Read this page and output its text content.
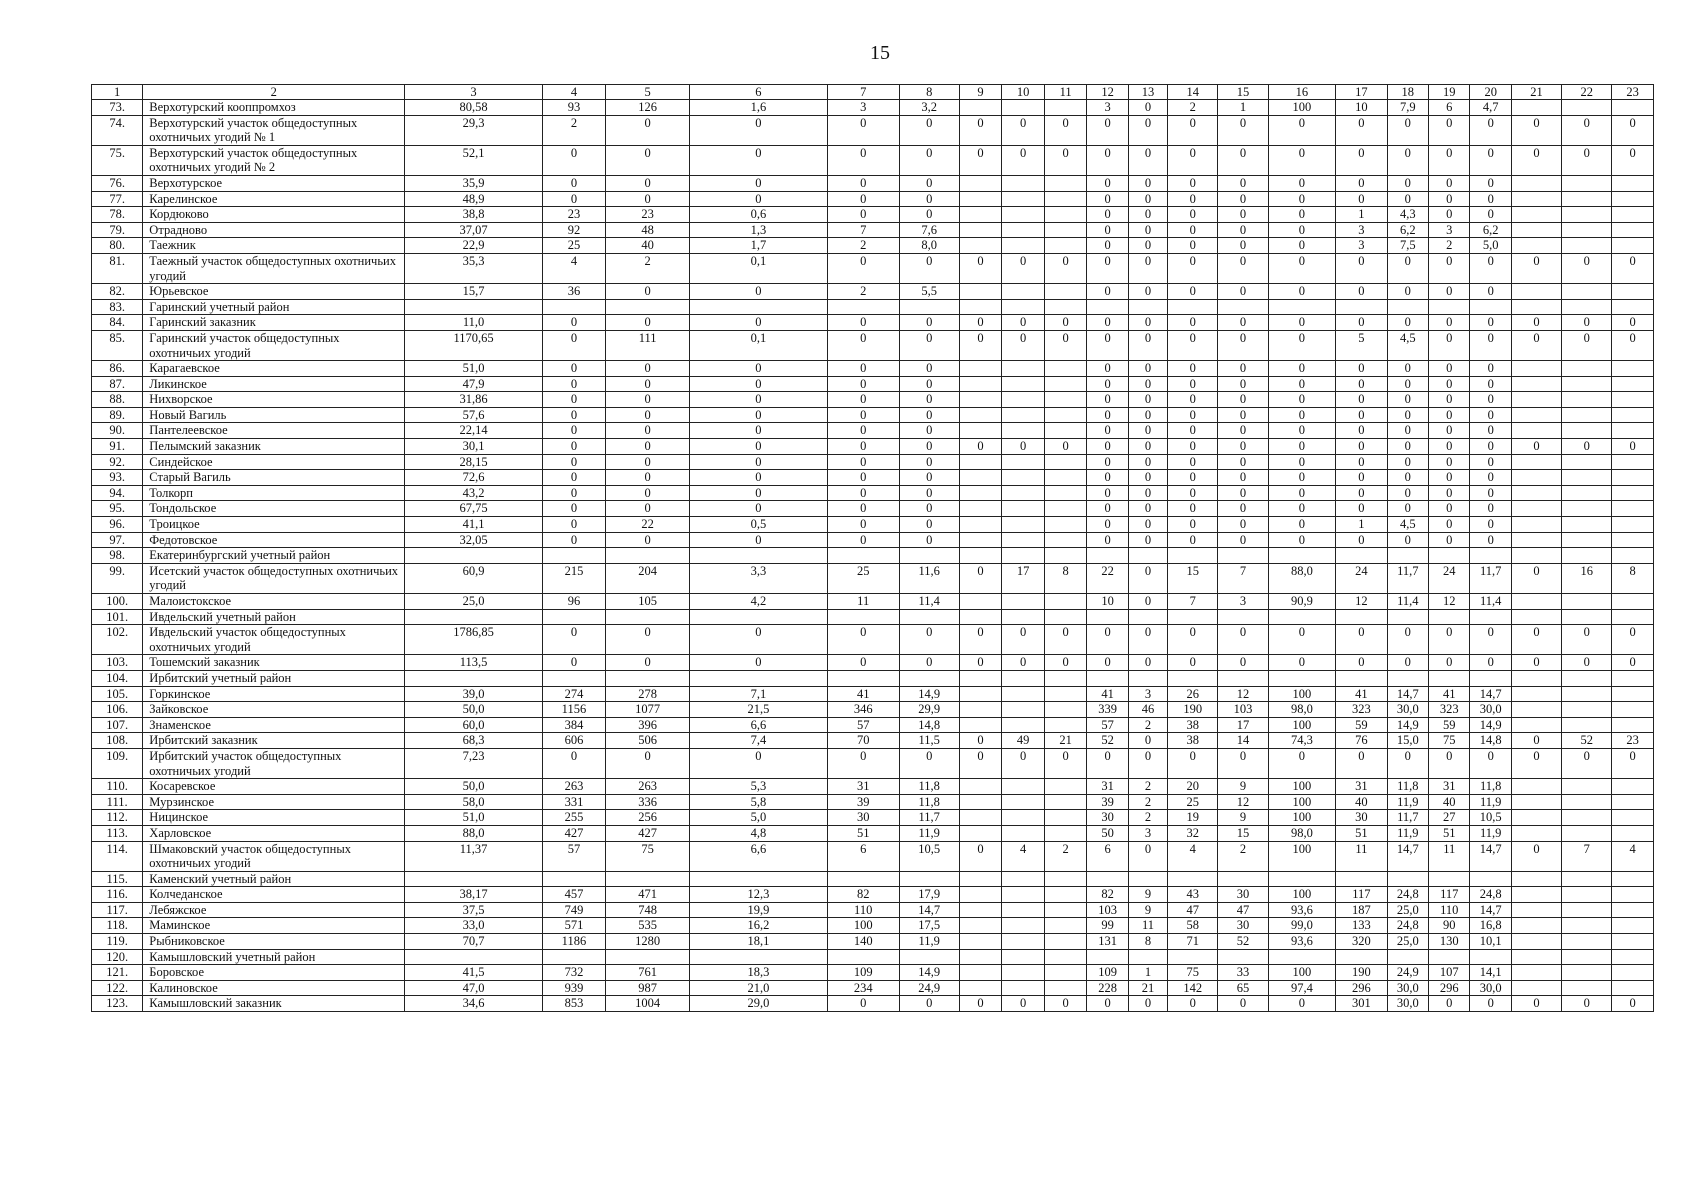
15
1	2	3	4	5	6	7	8	9	10	11	12	13	14	15	16	17	18	19	20	21	22	23
73.	Верхотурский кооппромхоз	80,58	93	126	1,6	3	3,2				3	0	2	1	100	10	7,9	6	4,7			
74.	Верхотурский участок общедоступных охотничьих угодий № 1	29,3	2	0	0	0	0	0	0	0	0	0	0	0	0	0	0	0	0	0	0	0
75.	Верхотурский участок общедоступных охотничьих угодий № 2	52,1	0	0	0	0	0	0	0	0	0	0	0	0	0	0	0	0	0	0	0	0
76.	Верхотурское	35,9	0	0	0	0	0				0	0	0	0	0	0	0	0	0			
77.	Карелинское	48,9	0	0	0	0	0				0	0	0	0	0	0	0	0	0			
78.	Кордюково	38,8	23	23	0,6	0	0				0	0	0	0	0	1	4,3	0	0			
79.	Отрадново	37,07	92	48	1,3	7	7,6				0	0	0	0	0	3	6,2	3	6,2			
80.	Таежник	22,9	25	40	1,7	2	8,0				0	0	0	0	0	3	7,5	2	5,0			
81.	Таежный участок общедоступных охотничьих угодий	35,3	4	2	0,1	0	0	0	0	0	0	0	0	0	0	0	0	0	0	0	0	0
82.	Юрьевское	15,7	36	0	0	2	5,5				0	0	0	0	0	0	0	0	0			
83.	Гаринский учетный район																					
84.	Гаринский заказник	11,0	0	0	0	0	0	0	0	0	0	0	0	0	0	0	0	0	0	0	0	0
85.	Гаринский участок общедоступных охотничьих угодий	1170,65	0	111	0,1	0	0	0	0	0	0	0	0	0	0	5	4,5	0	0	0	0	0
86.	Карагаевское	51,0	0	0	0	0	0				0	0	0	0	0	0	0	0	0			
87.	Ликинское	47,9	0	0	0	0	0				0	0	0	0	0	0	0	0	0			
88.	Нихворское	31,86	0	0	0	0	0				0	0	0	0	0	0	0	0	0			
89.	Новый Вагиль	57,6	0	0	0	0	0				0	0	0	0	0	0	0	0	0			
90.	Пантелеевское	22,14	0	0	0	0	0				0	0	0	0	0	0	0	0	0			
91.	Пелымский заказник	30,1	0	0	0	0	0	0	0	0	0	0	0	0	0	0	0	0	0	0	0	0
92.	Синдейское	28,15	0	0	0	0	0				0	0	0	0	0	0	0	0	0			
93.	Старый Вагиль	72,6	0	0	0	0	0				0	0	0	0	0	0	0	0	0			
94.	Толкорп	43,2	0	0	0	0	0				0	0	0	0	0	0	0	0	0			
95.	Тондольское	67,75	0	0	0	0	0				0	0	0	0	0	0	0	0	0			
96.	Троицкое	41,1	0	22	0,5	0	0				0	0	0	0	0	1	4,5	0	0			
97.	Федотовское	32,05	0	0	0	0	0				0	0	0	0	0	0	0	0	0			
98.	Екатеринбургский учетный район																					
99.	Исетский участок общедоступных охотничьих угодий	60,9	215	204	3,3	25	11,6	0	17	8	22	0	15	7	88,0	24	11,7	24	11,7	0	16	8
100.	Малоистокское	25,0	96	105	4,2	11	11,4				10	0	7	3	90,9	12	11,4	12	11,4			
101.	Ивдельский учетный район																					
102.	Ивдельский участок общедоступных охотничьих угодий	1786,85	0	0	0	0	0	0	0	0	0	0	0	0	0	0	0	0	0	0	0	0
103.	Тошемский заказник	113,5	0	0	0	0	0	0	0	0	0	0	0	0	0	0	0	0	0	0	0	0
104.	Ирбитский учетный район																					
105.	Горкинское	39,0	274	278	7,1	41	14,9				41	3	26	12	100	41	14,7	41	14,7			
106.	Зайковское	50,0	1156	1077	21,5	346	29,9				339	46	190	103	98,0	323	30,0	323	30,0			
107.	Знаменское	60,0	384	396	6,6	57	14,8				57	2	38	17	100	59	14,9	59	14,9			
108.	Ирбитский заказник	68,3	606	506	7,4	70	11,5	0	49	21	52	0	38	14	74,3	76	15,0	75	14,8	0	52	23
109.	Ирбитский участок общедоступных охотничьих угодий	7,23	0	0	0	0	0	0	0	0	0	0	0	0	0	0	0	0	0	0	0	0
110.	Косаревское	50,0	263	263	5,3	31	11,8				31	2	20	9	100	31	11,8	31	11,8			
111.	Мурзинское	58,0	331	336	5,8	39	11,8				39	2	25	12	100	40	11,9	40	11,9			
112.	Ницинское	51,0	255	256	5,0	30	11,7				30	2	19	9	100	30	11,7	27	10,5			
113.	Харловское	88,0	427	427	4,8	51	11,9				50	3	32	15	98,0	51	11,9	51	11,9			
114.	Шмаковский участок общедоступных охотничьих угодий	11,37	57	75	6,6	6	10,5	0	4	2	6	0	4	2	100	11	14,7	11	14,7	0	7	4
115.	Каменский учетный район																					
116.	Колчеданское	38,17	457	471	12,3	82	17,9				82	9	43	30	100	117	24,8	117	24,8			
117.	Лебяжское	37,5	749	748	19,9	110	14,7				103	9	47	47	93,6	187	25,0	110	14,7			
118.	Маминское	33,0	571	535	16,2	100	17,5				99	11	58	30	99,0	133	24,8	90	16,8			
119.	Рыбниковское	70,7	1186	1280	18,1	140	11,9				131	8	71	52	93,6	320	25,0	130	10,1			
120.	Камышловский учетный район																					
121.	Боровское	41,5	732	761	18,3	109	14,9				109	1	75	33	100	190	24,9	107	14,1			
122.	Калиновское	47,0	939	987	21,0	234	24,9				228	21	142	65	97,4	296	30,0	296	30,0			
123.	Камышловский заказник	34,6	853	1004	29,0	0	0	0	0	0	0	0	0	0	0	301	30,0	0	0	0	0	0
